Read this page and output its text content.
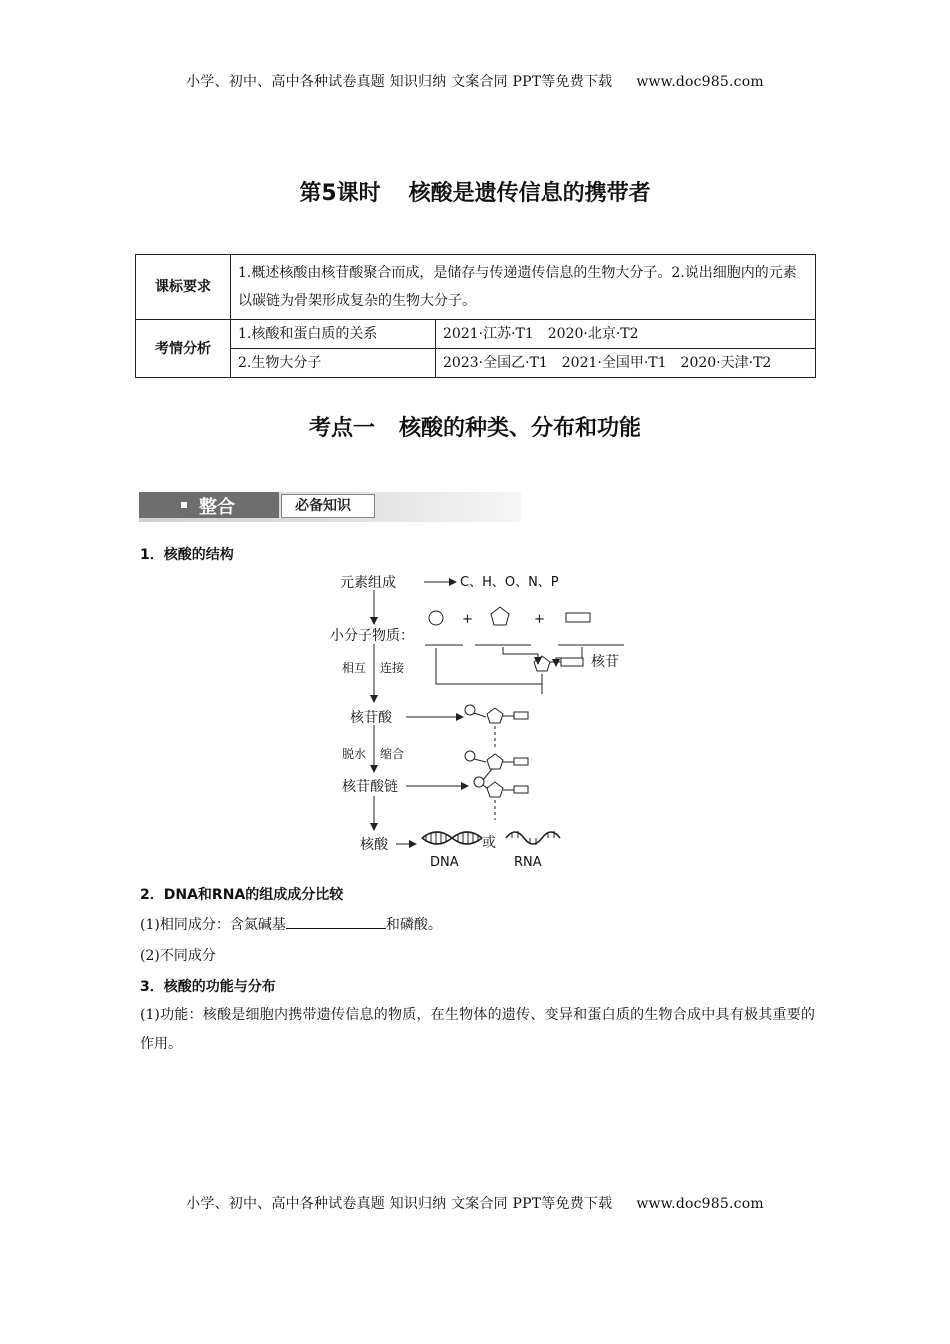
小学、初中、高中各种试卷真题 知识归纳 文案合同 PPT等免费下载 www.doc985.com
第5课时 核酸是遗传信息的携带者
课标要求	1.概述核酸由核苷酸聚合而成，是储存与传递遗传信息的生物大分子。2.说出细胞内的元素以碳链为骨架形成复杂的生物大分子。	
考情分析	1.核酸和蛋白质的关系	2021·江苏·T1　2020·北京·T2
	2.生物大分子	2023·全国乙·T1　2021·全国甲·T1　2020·天津·T2
考点一 核酸的种类、分布和功能
整合	必备知识
1．核酸的结构
元素组成	C、H、O、N、P
+	+
小分子物质：
核苷
相互 连接
核苷酸
脱水 缩合
核苷酸链
核酸	或
DNA	RNA
2．DNA和RNA的组成成分比较
(1)相同成分：含氮碱基	和磷酸。
(2)不同成分
3．核酸的功能与分布
(1)功能：核酸是细胞内携带遗传信息的物质，在生物体的遗传、变异和蛋白质的生物合成中具有极其重要的作用。
小学、初中、高中各种试卷真题 知识归纳 文案合同 PPT等免费下载 www.doc985.com
